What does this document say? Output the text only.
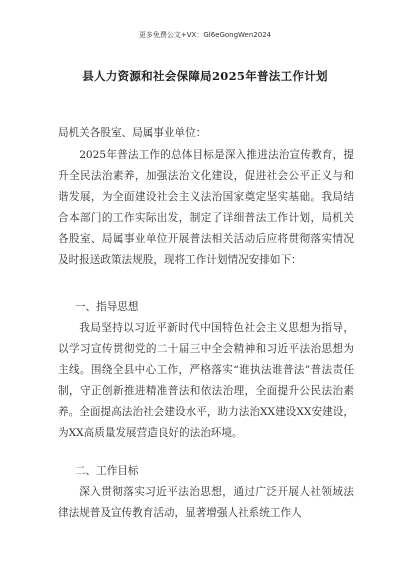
更多免费公文+VX：Gl6eGongWen2024
县人力资源和社会保障局2025年普法工作计划
局机关各股室、局属事业单位：
2025年普法工作的总体目标是深入推进法治宣传教育，提升全民法治素养，加强法治文化建设，促进社会公平正义与和谐发展，为全面建设社会主义法治国家奠定坚实基础。我局结合本部门的工作实际出发，制定了详细普法工作计划，局机关各股室、局属事业单位开展普法相关活动后应将贯彻落实情况及时报送政策法规股，现将工作计划情况安排如下：
一、指导思想
我局坚持以习近平新时代中国特色社会主义思想为指导，以学习宣传贯彻党的二十届三中全会精神和习近平法治思想为主线。围绕全县中心工作，严格落实“谁执法谁普法”普法责任制，守正创新推进精准普法和依法治理，全面提升公民法治素养。全面提高法治社会建设水平，助力法治XX建设XX安建设，为XX高质量发展营造良好的法治环境。
二、工作目标
深入贯彻落实习近平法治思想，通过广泛开展人社领域法律法规普及宣传教育活动，显著增强人社系统工作人
